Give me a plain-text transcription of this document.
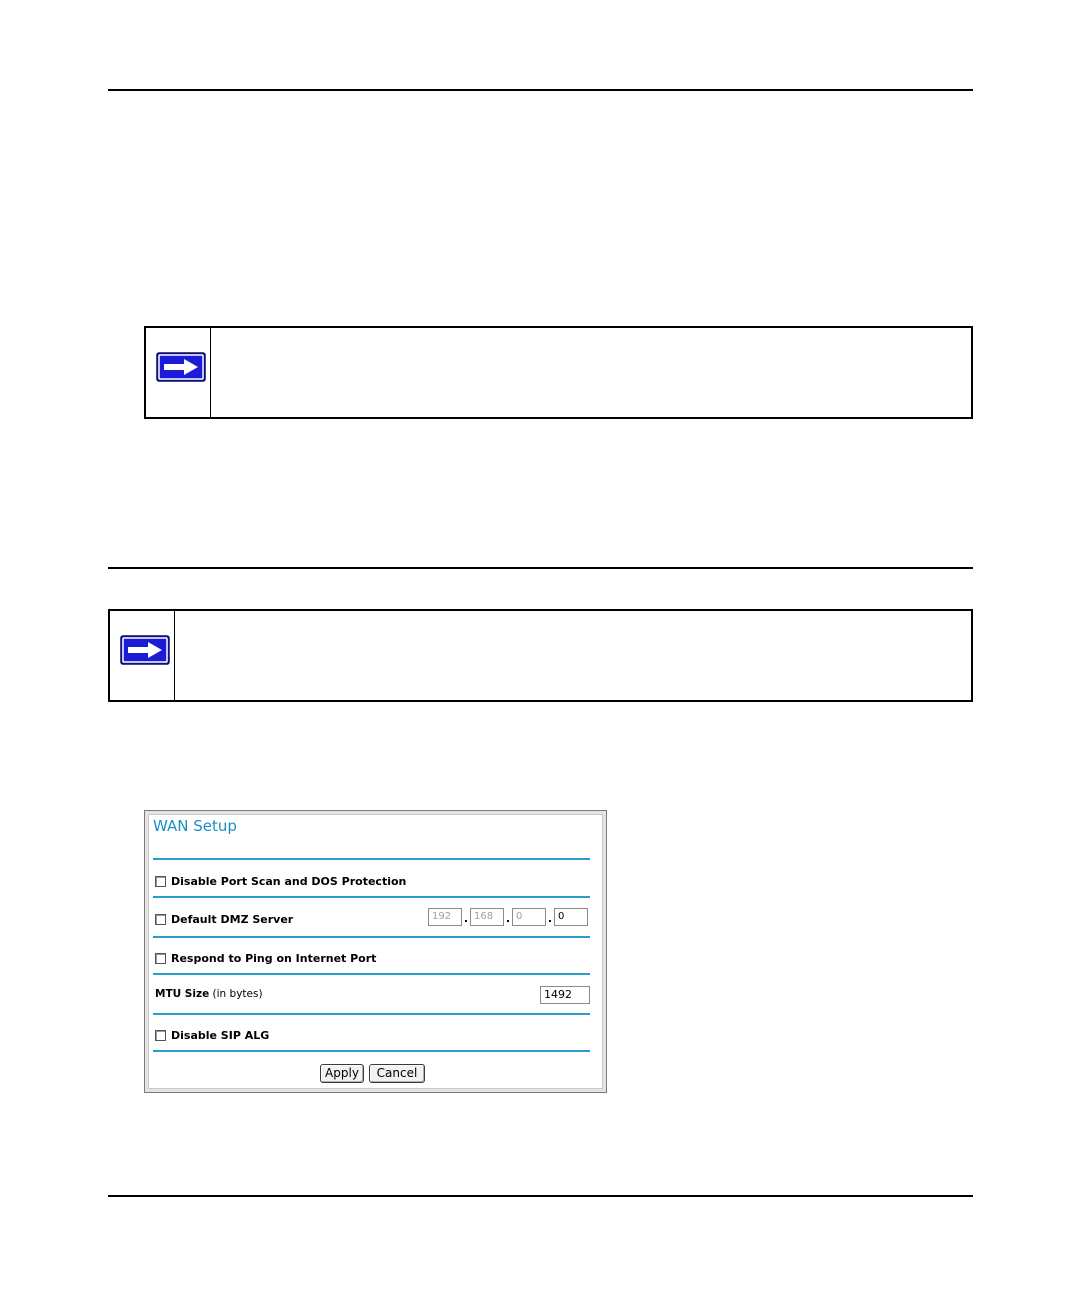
WAN Setup
Disable Port Scan and DOS Protection
Default DMZ Server	192	. 168	. 0	. 0
Respond to Ping on Internet Port
MTU Size (in bytes)	1492
Disable SIP ALG
Apply	Cancel
